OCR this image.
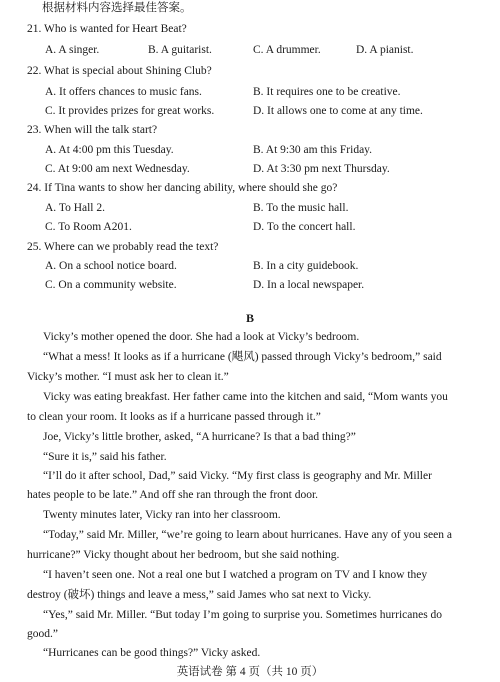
根据材料内容选择最佳答案。
21. Who is wanted for Heart Beat?
A. A singer.	B. A guitarist.	C. A drummer.	D. A pianist.
22. What is special about Shining Club?
A. It offers chances to music fans.	B. It requires one to be creative.
C. It provides prizes for great works.	D. It allows one to come at any time.
23. When will the talk start?
A. At 4:00 pm this Tuesday.	B. At 9:30 am this Friday.
C. At 9:00 am next Wednesday.	D. At 3:30 pm next Thursday.
24. If Tina wants to show her dancing ability, where should she go?
A. To Hall 2.	B. To the music hall.
C. To Room A201.	D. To the concert hall.
25. Where can we probably read the text?
A. On a school notice board.	B. In a city guidebook.
C. On a community website.	D. In a local newspaper.
B
Vicky’s mother opened the door. She had a look at Vicky’s bedroom.
“What a mess! It looks as if a hurricane (飓风) passed through Vicky’s bedroom,” said
Vicky’s mother. “I must ask her to clean it.”
Vicky was eating breakfast. Her father came into the kitchen and said, “Mom wants you
to clean your room. It looks as if a hurricane passed through it.”
Joe, Vicky’s little brother, asked, “A hurricane? Is that a bad thing?”
“Sure it is,” said his father.
“I’ll do it after school, Dad,” said Vicky. “My first class is geography and Mr. Miller
hates people to be late.” And off she ran through the front door.
Twenty minutes later, Vicky ran into her classroom.
“Today,” said Mr. Miller, “we’re going to learn about hurricanes. Have any of you seen a
hurricane?” Vicky thought about her bedroom, but she said nothing.
“I haven’t seen one. Not a real one but I watched a program on TV and I know they
destroy (破坏) things and leave a mess,” said James who sat next to Vicky.
“Yes,” said Mr. Miller. “But today I’m going to surprise you. Sometimes hurricanes do
good.”
“Hurricanes can be good things?” Vicky asked.
英语试卷 第 4 页（共 10 页）
